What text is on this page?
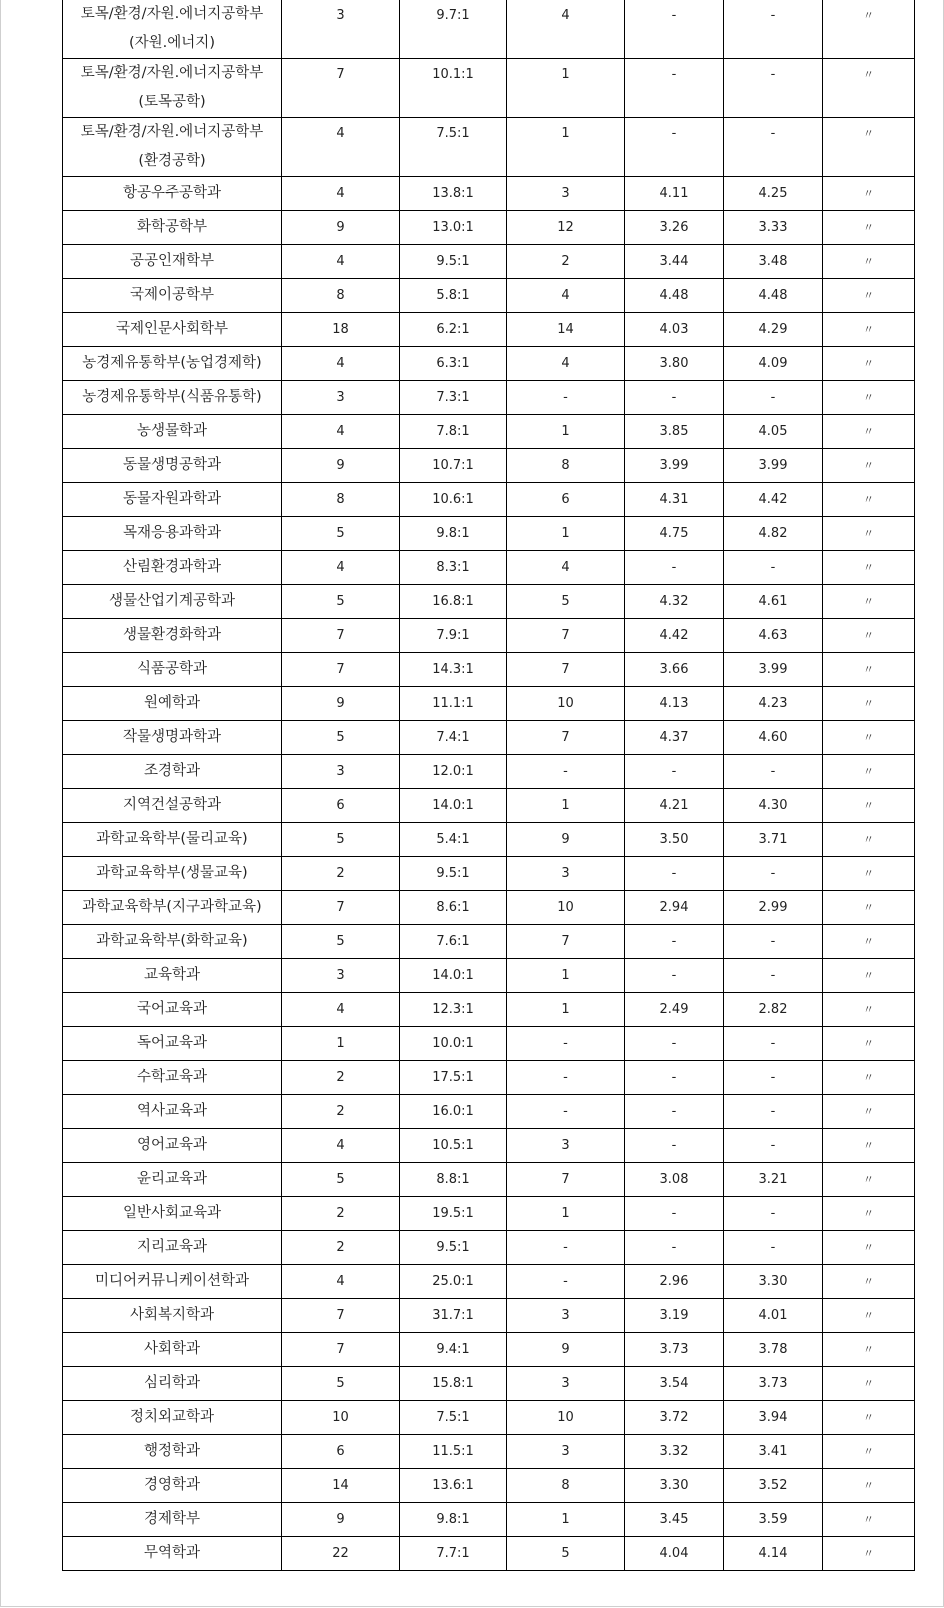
토목/환경/자원.에너지공학부
(자원.에너지)	3	9.7:1	4	-	-	〃
토목/환경/자원.에너지공학부
(토목공학)	7	10.1:1	1	-	-	〃
토목/환경/자원.에너지공학부
(환경공학)	4	7.5:1	1	-	-	〃
항공우주공학과	4	13.8:1	3	4.11	4.25	〃
화학공학부	9	13.0:1	12	3.26	3.33	〃
공공인재학부	4	9.5:1	2	3.44	3.48	〃
국제이공학부	8	5.8:1	4	4.48	4.48	〃
국제인문사회학부	18	6.2:1	14	4.03	4.29	〃
농경제유통학부(농업경제학)	4	6.3:1	4	3.80	4.09	〃
농경제유통학부(식품유통학)	3	7.3:1	-	-	-	〃
농생물학과	4	7.8:1	1	3.85	4.05	〃
동물생명공학과	9	10.7:1	8	3.99	3.99	〃
동물자원과학과	8	10.6:1	6	4.31	4.42	〃
목재응용과학과	5	9.8:1	1	4.75	4.82	〃
산림환경과학과	4	8.3:1	4	-	-	〃
생물산업기계공학과	5	16.8:1	5	4.32	4.61	〃
생물환경화학과	7	7.9:1	7	4.42	4.63	〃
식품공학과	7	14.3:1	7	3.66	3.99	〃
원예학과	9	11.1:1	10	4.13	4.23	〃
작물생명과학과	5	7.4:1	7	4.37	4.60	〃
조경학과	3	12.0:1	-	-	-	〃
지역건설공학과	6	14.0:1	1	4.21	4.30	〃
과학교육학부(물리교육)	5	5.4:1	9	3.50	3.71	〃
과학교육학부(생물교육)	2	9.5:1	3	-	-	〃
과학교육학부(지구과학교육)	7	8.6:1	10	2.94	2.99	〃
과학교육학부(화학교육)	5	7.6:1	7	-	-	〃
교육학과	3	14.0:1	1	-	-	〃
국어교육과	4	12.3:1	1	2.49	2.82	〃
독어교육과	1	10.0:1	-	-	-	〃
수학교육과	2	17.5:1	-	-	-	〃
역사교육과	2	16.0:1	-	-	-	〃
영어교육과	4	10.5:1	3	-	-	〃
윤리교육과	5	8.8:1	7	3.08	3.21	〃
일반사회교육과	2	19.5:1	1	-	-	〃
지리교육과	2	9.5:1	-	-	-	〃
미디어커뮤니케이션학과	4	25.0:1	-	2.96	3.30	〃
사회복지학과	7	31.7:1	3	3.19	4.01	〃
사회학과	7	9.4:1	9	3.73	3.78	〃
심리학과	5	15.8:1	3	3.54	3.73	〃
정치외교학과	10	7.5:1	10	3.72	3.94	〃
행정학과	6	11.5:1	3	3.32	3.41	〃
경영학과	14	13.6:1	8	3.30	3.52	〃
경제학부	9	9.8:1	1	3.45	3.59	〃
무역학과	22	7.7:1	5	4.04	4.14	〃
